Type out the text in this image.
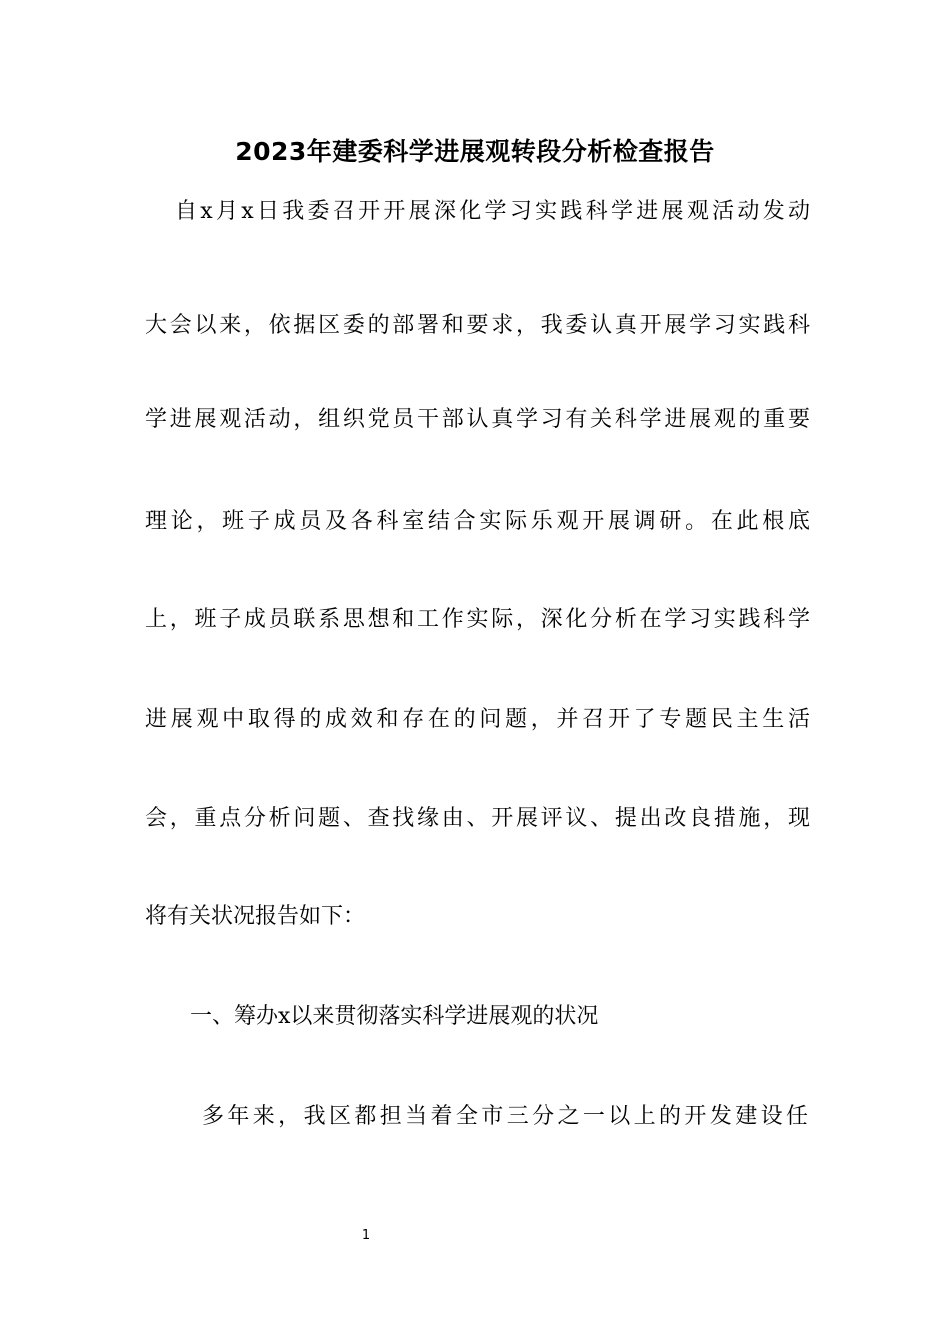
2023年建委科学进展观转段分析检查报告
自x月x日我委召开开展深化学习实践科学进展观活动发动
大会以来，依据区委的部署和要求，我委认真开展学习实践科
学进展观活动，组织党员干部认真学习有关科学进展观的重要
理论，班子成员及各科室结合实际乐观开展调研。在此根底
上，班子成员联系思想和工作实际，深化分析在学习实践科学
进展观中取得的成效和存在的问题，并召开了专题民主生活
会，重点分析问题、查找缘由、开展评议、提出改良措施，现
将有关状况报告如下：
一、筹办x以来贯彻落实科学进展观的状况
多年来，我区都担当着全市三分之一以上的开发建设任
1
